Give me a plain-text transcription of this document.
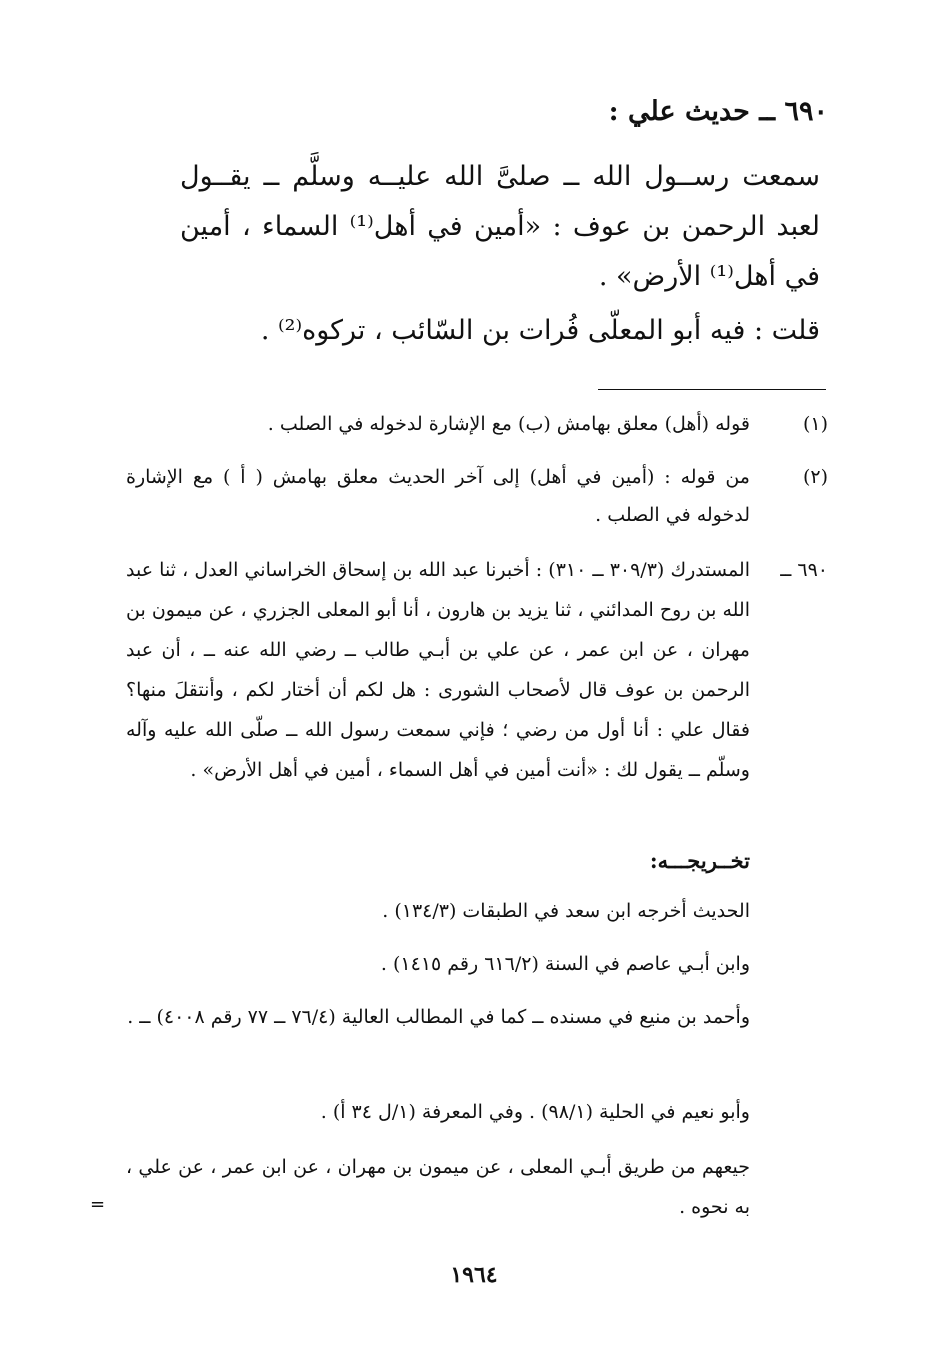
٦٩٠ ــ حديث علي :

سمعت رســول الله ــ صلىَّ الله عليــه وسلَّم ــ يقــول لعبد الرحمن بن عوف : «أمين في أهل⁽¹⁾ السماء ، أمين في أهل⁽¹⁾ الأرض» .

قلت : فيه أبو المعلّى فُرات بن السّائب ، تركوه⁽²⁾ .

(١)
قوله (أهل) معلق بهامش (ب) مع الإشارة لدخوله في الصلب .
(٢)
من قوله : (أمين في أهل) إلى آخر الحديث معلق بهامش ( أ ) مع الإشارة لدخوله في الصلب .
٦٩٠ ــ
المستدرك (٣٠٩/٣ ــ ٣١٠) : أخبرنا عبد الله بن إسحاق الخراساني العدل ، ثنا عبد الله بن روح المدائني ، ثنا يزيد بن هارون ، أنا أبو المعلى الجزري ، عن ميمون بن مهران ، عن ابن عمر ، عن علي بن أبـي طالب ــ رضي الله عنه ــ ، أن عبد الرحمن بن عوف قال لأصحاب الشورى : هل لكم أن أختار لكم ، وأنتقلَ منها؟ فقال علي : أنا أول من رضي ؛ فإني سمعت رسول الله ــ صلّى الله عليه وآله وسلّم ــ يقول لك : «أنت أمين في أهل السماء ، أمين في أهل الأرض» .

تخــريجـــه:

الحديث أخرجه ابن سعد في الطبقات (١٣٤/٣) .

وابن أبـي عاصم في السنة (٦١٦/٢ رقم ١٤١٥) .

وأحمد بن منيع في مسنده ــ كما في المطالب العالية (٧٦/٤ ــ ٧٧ رقم ٤٠٠٨) ــ .

وأبو نعيم في الحلية (٩٨/١) . وفي المعرفة (١/ل ٣٤ أ) .

جيعهم من طريق أبـي المعلى ، عن ميمون بن مهران ، عن ابن عمر ، عن علي ، به نحوه .

=

١٩٦٤
